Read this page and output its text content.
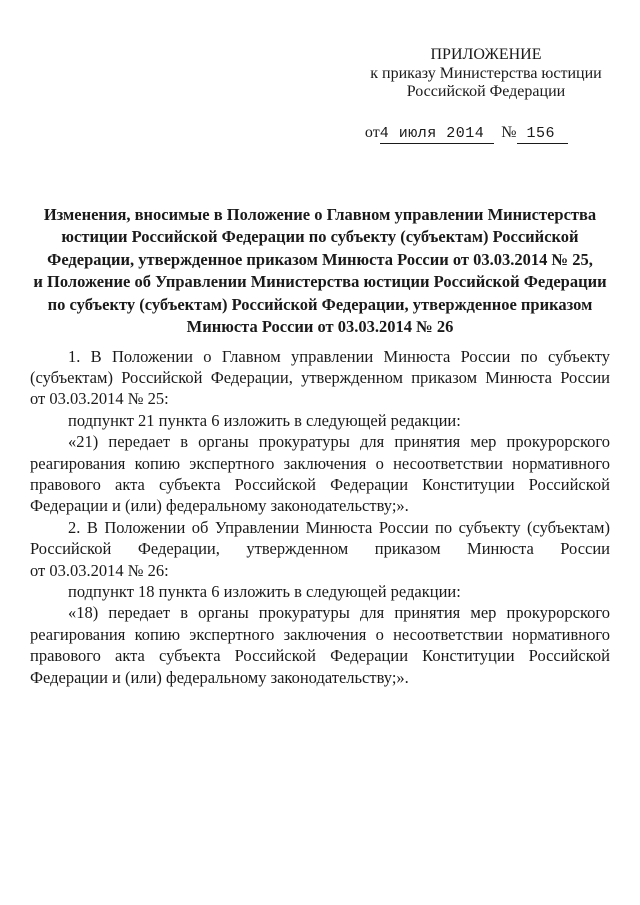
ПРИЛОЖЕНИЕ
к приказу Министерства юстиции
Российской Федерации
от4 июля 2014 № 156
Изменения, вносимые в Положение о Главном управлении Министерства
юстиции Российской Федерации по субъекту (субъектам) Российской
Федерации, утвержденное приказом Минюста России от 03.03.2014 № 25,
и Положение об Управлении Министерства юстиции Российской Федерации
по субъекту (субъектам) Российской Федерации, утвержденное приказом
Минюста России от 03.03.2014 № 26

1. В Положении о Главном управлении Минюста России по субъекту (субъектам) Российской Федерации, утвержденном приказом Минюста России от 03.03.2014 № 25:

подпункт 21 пункта 6 изложить в следующей редакции:

«21) передает в органы прокуратуры для принятия мер прокурорского реагирования копию экспертного заключения о несоответствии нормативного правового акта субъекта Российской Федерации Конституции Российской Федерации и (или) федеральному законодательству;».

2. В Положении об Управлении Минюста России по субъекту (субъектам) Российской Федерации, утвержденном приказом Минюста России от 03.03.2014 № 26:

подпункт 18 пункта 6 изложить в следующей редакции:

«18) передает в органы прокуратуры для принятия мер прокурорского реагирования копию экспертного заключения о несоответствии нормативного правового акта субъекта Российской Федерации Конституции Российской Федерации и (или) федеральному законодательству;».
